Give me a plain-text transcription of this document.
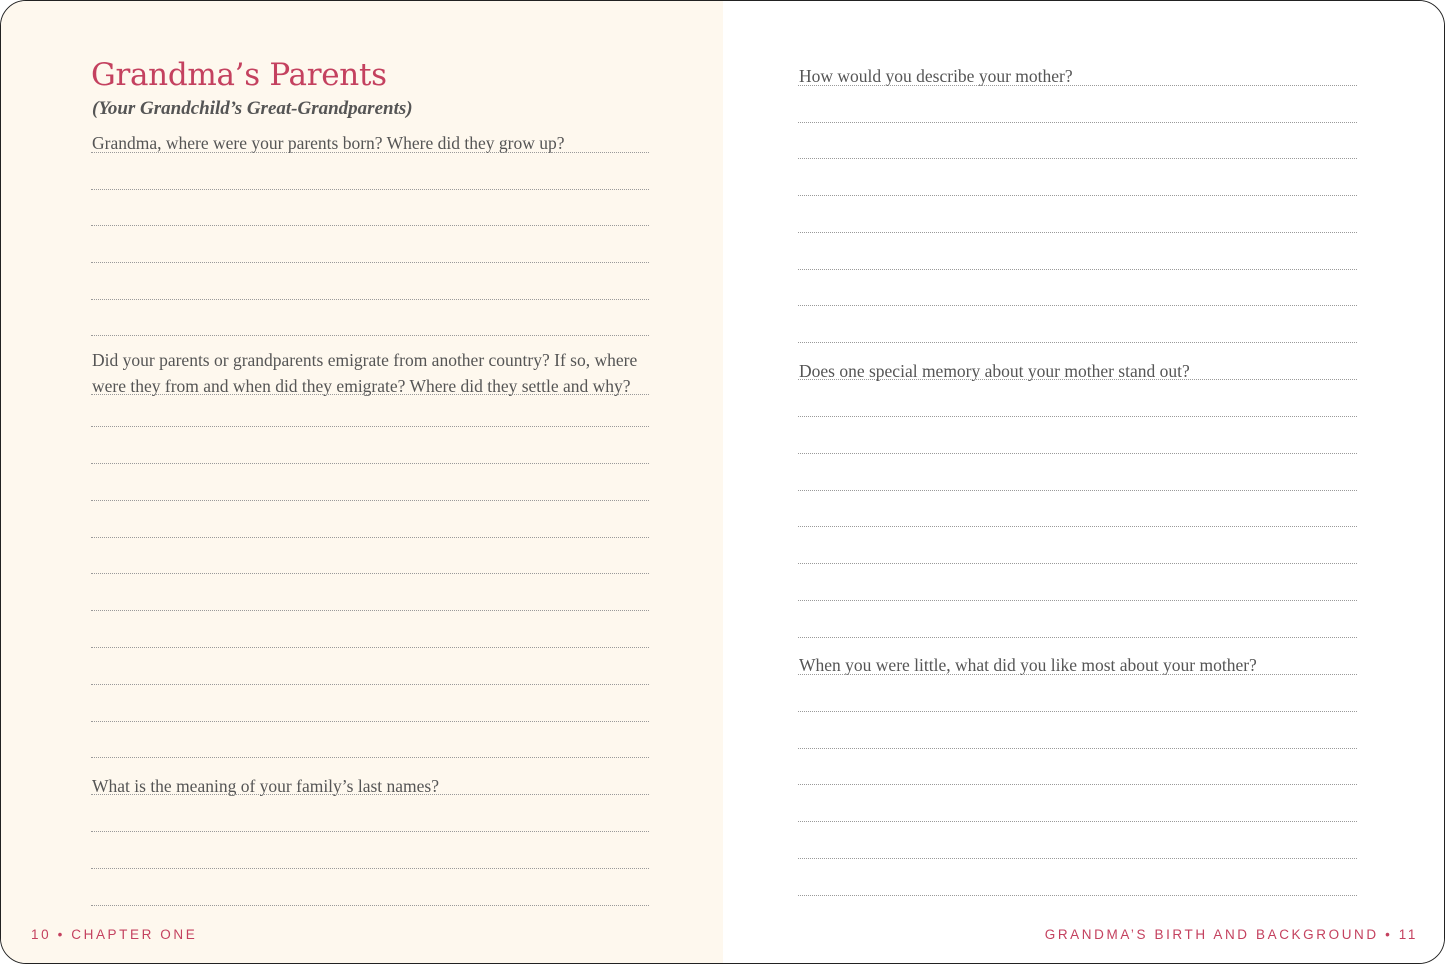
Grandma’s Parents

(Your Grandchild’s Great-Grandparents)

Grandma, where were your parents born? Where did they grow up?

Did your parents or grandparents emigrate from another country? If so, where were they from and when did they emigrate? Where did they settle and why?

What is the meaning of your family’s last names?

10 • CHAPTER ONE

How would you describe your mother?

Does one special memory about your mother stand out?

When you were little, what did you like most about your mother?

GRANDMA’S BIRTH AND BACKGROUND • 11
